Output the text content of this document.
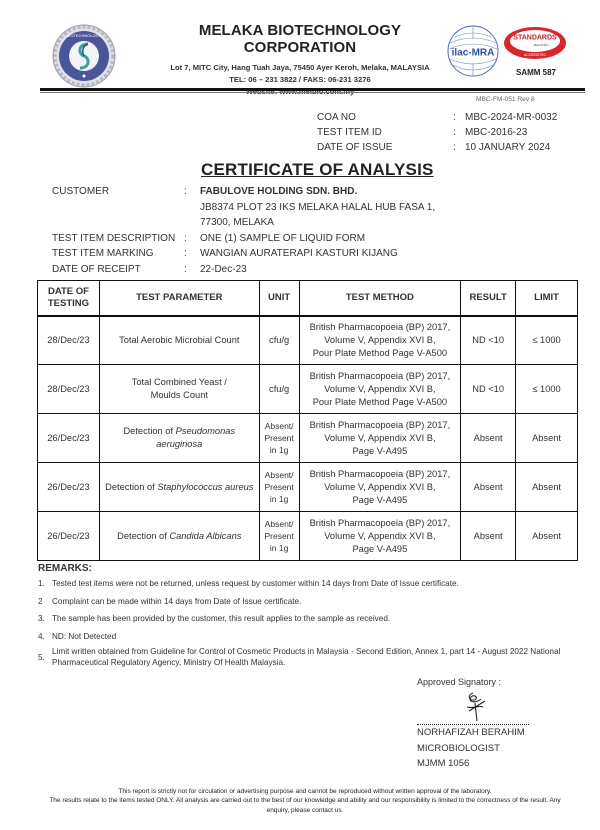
BIOTECHNOLOGY	MELAKA BIOTECHNOLOGY CORPORATION
Lot 7, MITC City, Hang Tuah Jaya, 75450 Ayer Keroh, Melaka, MALAYSIA
TEL: 06 – 231 3822 / FAKS: 06-231 3276
ilac-MRA
STANDARDS
MALAYSIA
ACCREDITED
SAMM 587
MBC-FM-051 Rev 8
COA NO	: MBC-2024-MR-0032
TEST ITEM ID	: MBC-2016-23
DATE OF ISSUE	: 10 JANUARY 2024
CERTIFICATE OF ANALYSIS
CUSTOMER	:	FABULOVE HOLDING SDN. BHD.
JB8374 PLOT 23 IKS MELAKA HALAL HUB FASA 1,
77300, MELAKA
TEST ITEM DESCRIPTION :	ONE (1) SAMPLE OF LIQUID FORM
TEST ITEM MARKING	:	WANGIAN AURATERAPI KASTURI KIJANG
DATE OF RECEIPT	:	22-Dec-23
DATE OF
TESTING	TEST PARAMETER	UNIT	TEST METHOD	RESULT	LIMIT
28/Dec/23	Total Aerobic Microbial Count	cfu/g	British Pharmacopoeia (BP) 2017,
Volume V, Appendix XVI B,
Pour Plate Method Page V-A500	ND <10	≤ 1000
28/Dec/23	Total Combined Yeast / Moulds Count	cfu/g	British Pharmacopoeia (BP) 2017,
Volume V, Appendix XVI B,
Pour Plate Method Page V-A500	ND <10	≤ 1000
26/Dec/23	Detection of Pseudomonas aeruginosa	Absent/
Present
in 1g	British Pharmacopoeia (BP) 2017,
Volume V, Appendix XVI B,
Page V-A495	Absent	Absent
26/Dec/23	Detection of Staphylococcus aureus	Absent/
Present
in 1g	British Pharmacopoeia (BP) 2017,
Volume V, Appendix XVI B,
Page V-A495	Absent	Absent
26/Dec/23	Detection of Candida Albicans	Absent/
Present
in 1g	British Pharmacopoeia (BP) 2017,
Volume V, Appendix XVI B,
Page V-A495	Absent	Absent
REMARKS:
1. Tested test items were not be returned, unless request by customer within 14 days from Date of Issue certificate.
2	Complaint can be made within 14 days from Date of Issue certificate.
3. The sample has been provided by the customer, this result applies to the sample as received.
4. ND: Not Detected
5.
Limit written obtained from Guideline for Control of Cosmetic Products in Malaysia - Second Edition, Annex 1, part 14 - August 2022 National Pharmaceutical Regulatory Agency, Ministry Of Health Malaysia.
Approved Signatory :
NORHAFIZAH BERAHIM
MICROBIOLOGIST
MJMM 1056
This report is strictly not for circulation or advertising purpose and cannot be reproduced without written approval of the laboratory.
The results relate to the items tested ONLY. All analysis are carried out to the best of our knowledge and ability and our responsibility is limited to the correctness of the result. Any enquiry, please contact us.
